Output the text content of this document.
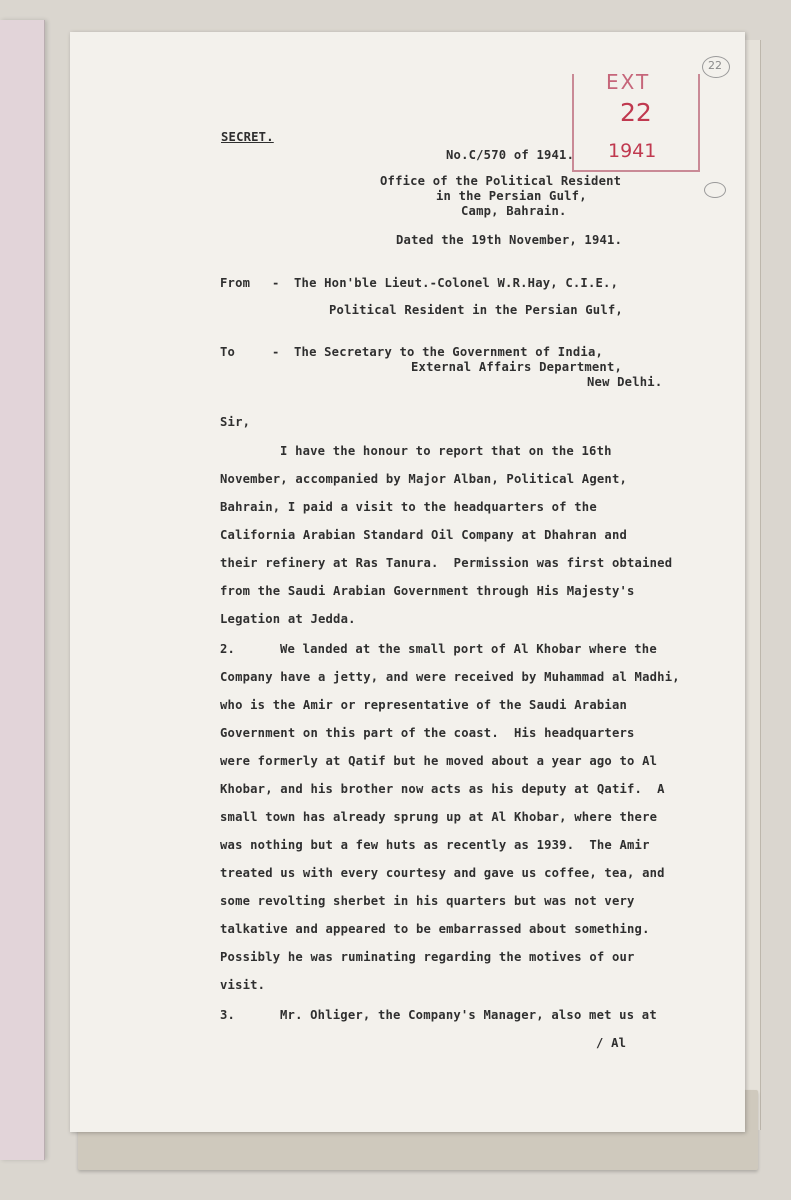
EXT
22
1941
22
SECRET.
No.C/570 of 1941.
Office of the Political Resident
in the Persian Gulf,
Camp, Bahrain.
Dated the 19th November, 1941.
From - The Hon'ble Lieut.-Colonel W.R.Hay, C.I.E.,
Political Resident in the Persian Gulf,
To	- The Secretary to the Government of India,
External Affairs Department,
New Delhi.
Sir,
I have the honour to report that on the 16th
November, accompanied by Major Alban, Political Agent,
Bahrain, I paid a visit to the headquarters of the
California Arabian Standard Oil Company at Dhahran and
their refinery at Ras Tanura.  Permission was first obtained
from the Saudi Arabian Government through His Majesty's
Legation at Jedda.
2.	We landed at the small port of Al Khobar where the
Company have a jetty, and were received by Muhammad al Madhi,
who is the Amir or representative of the Saudi Arabian
Government on this part of the coast.  His headquarters
were formerly at Qatif but he moved about a year ago to Al
Khobar, and his brother now acts as his deputy at Qatif.  A
small town has already sprung up at Al Khobar, where there
was nothing but a few huts as recently as 1939.  The Amir
treated us with every courtesy and gave us coffee, tea, and
some revolting sherbet in his quarters but was not very
talkative and appeared to be embarrassed about something.
Possibly he was ruminating regarding the motives of our
visit.
3.	Mr. Ohliger, the Company's Manager, also met us at
/ Al
